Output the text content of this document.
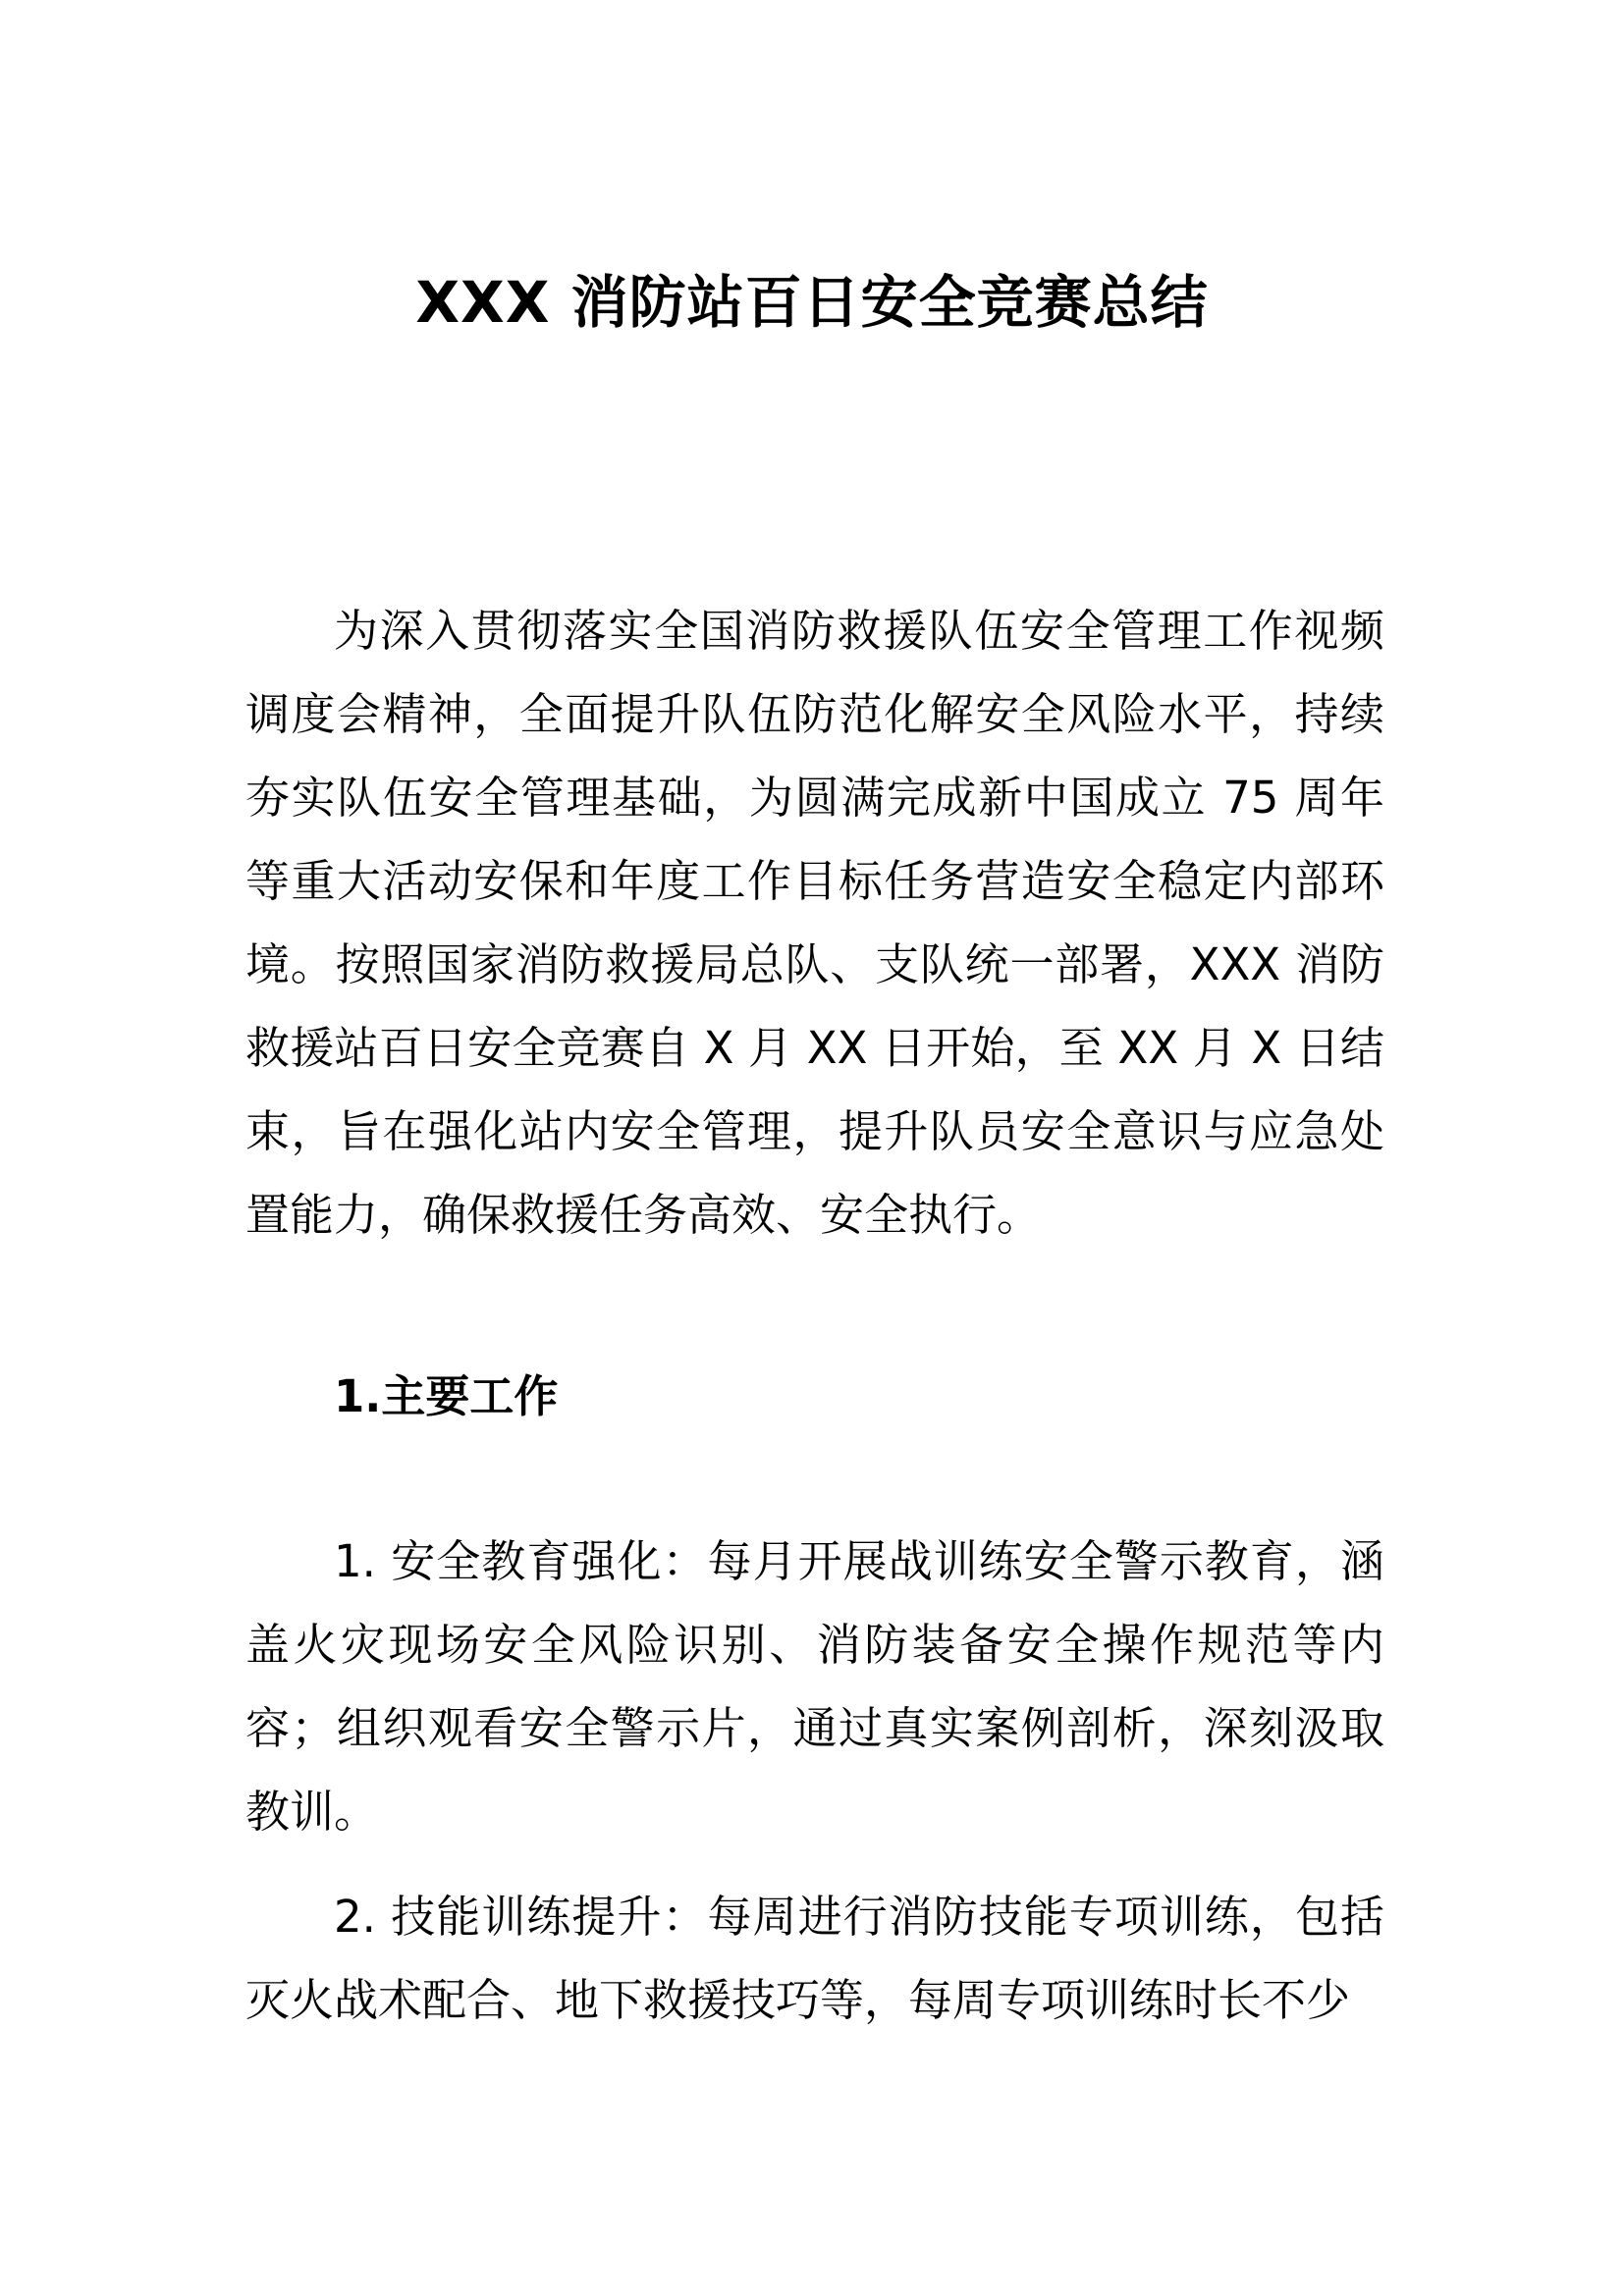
XXX 消防站百日安全竞赛总结

为深入贯彻落实全国消防救援队伍安全管理工作视频调度会精神，全面提升队伍防范化解安全风险水平，持续夯实队伍安全管理基础，为圆满完成新中国成立 75 周年等重大活动安保和年度工作目标任务营造安全稳定内部环境。按照国家消防救援局总队、支队统一部署，XXX 消防救援站百日安全竞赛自 X 月 XX 日开始，至 XX 月 X 日结束，旨在强化站内安全管理，提升队员安全意识与应急处置能力，确保救援任务高效、安全执行。

1.主要工作

1. 安全教育强化：每月开展战训练安全警示教育，涵盖火灾现场安全风险识别、消防装备安全操作规范等内容；组织观看安全警示片，通过真实案例剖析，深刻汲取教训。

2. 技能训练提升：每周进行消防技能专项训练，包括灭火战术配合、地下救援技巧等，每周专项训练时长不少
